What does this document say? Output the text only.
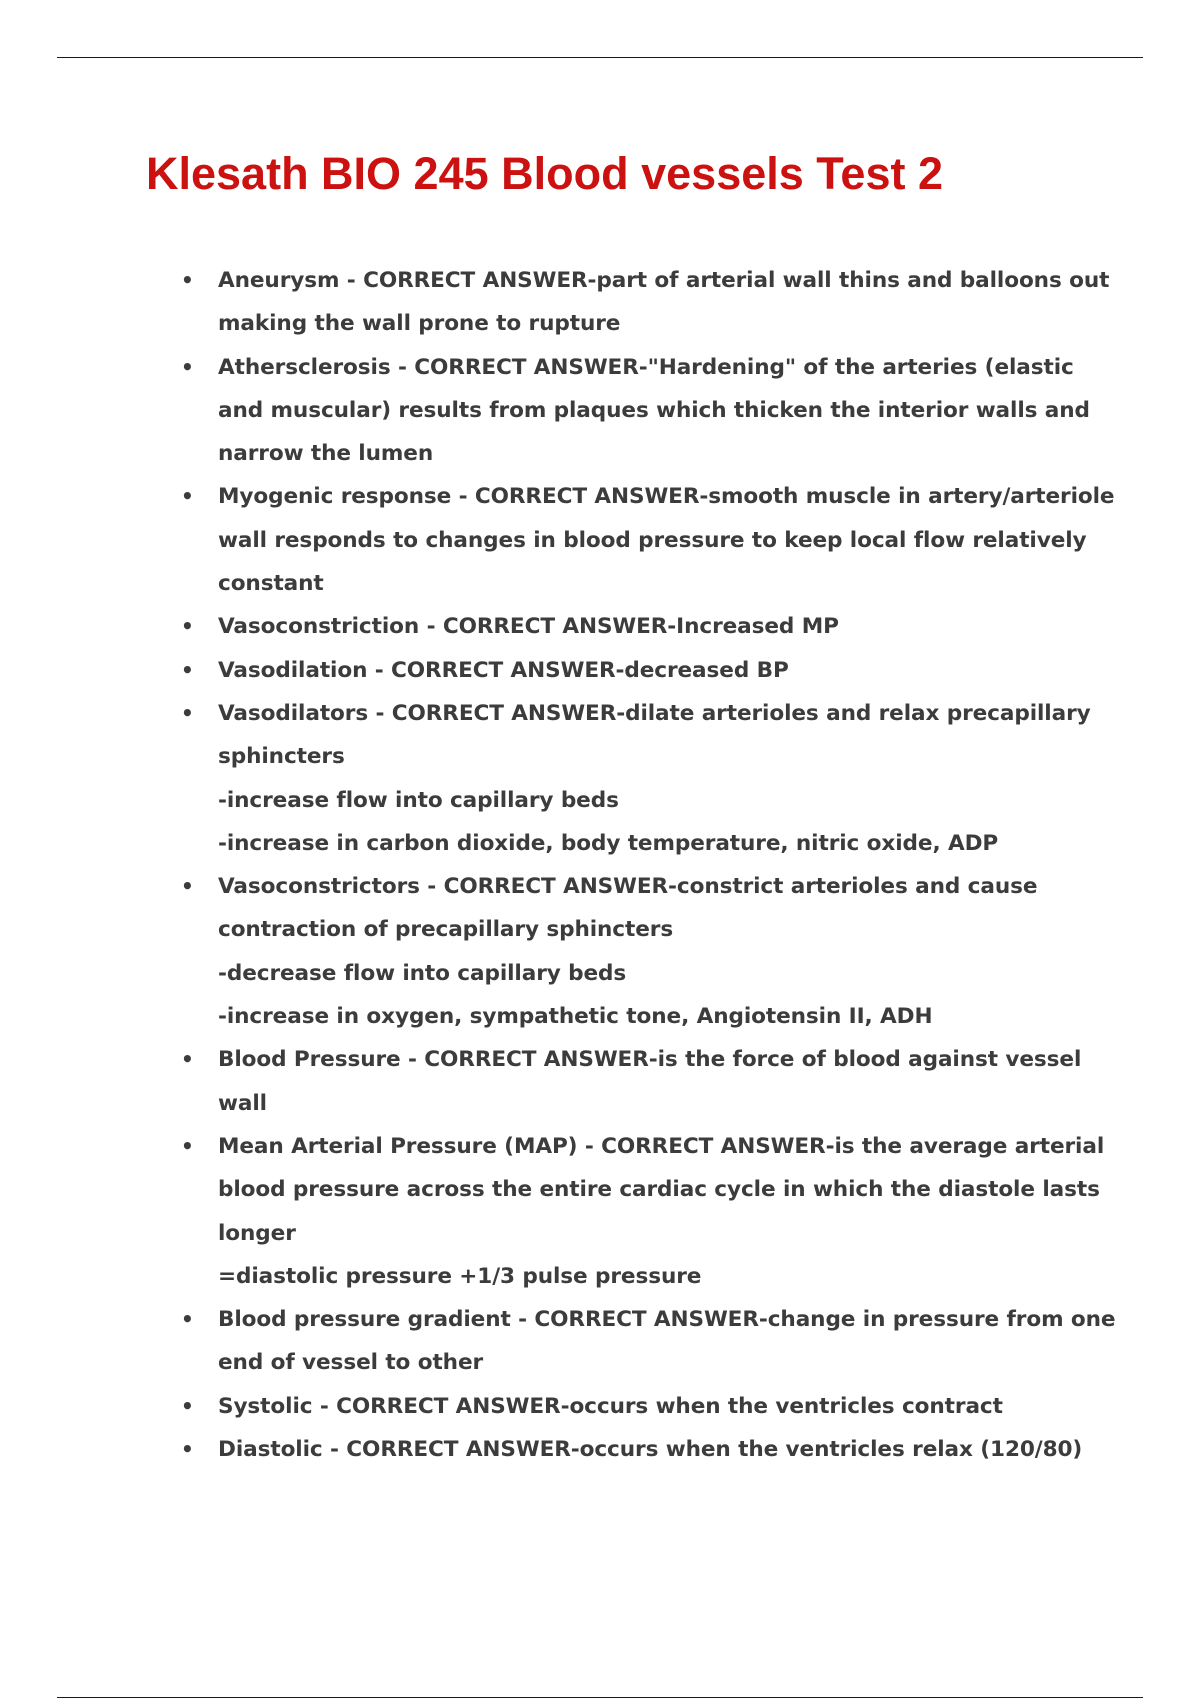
Klesath BIO 245 Blood vessels Test 2
• Aneurysm - CORRECT ANSWER-part of arterial wall thins and balloons out making the wall prone to rupture
• Athersclerosis - CORRECT ANSWER-"Hardening" of the arteries (elastic and muscular) results from plaques which thicken the interior walls and narrow the lumen
• Myogenic response - CORRECT ANSWER-smooth muscle in artery/arteriole wall responds to changes in blood pressure to keep local flow relatively constant
• Vasoconstriction - CORRECT ANSWER-Increased MP
• Vasodilation - CORRECT ANSWER-decreased BP
• Vasodilators - CORRECT ANSWER-dilate arterioles and relax precapillary sphincters
-increase flow into capillary beds
-increase in carbon dioxide, body temperature, nitric oxide, ADP
• Vasoconstrictors - CORRECT ANSWER-constrict arterioles and cause contraction of precapillary sphincters
-decrease flow into capillary beds
-increase in oxygen, sympathetic tone, Angiotensin II, ADH
• Blood Pressure - CORRECT ANSWER-is the force of blood against vessel wall
• Mean Arterial Pressure (MAP) - CORRECT ANSWER-is the average arterial blood pressure across the entire cardiac cycle in which the diastole lasts longer
=diastolic pressure +1/3 pulse pressure
• Blood pressure gradient - CORRECT ANSWER-change in pressure from one end of vessel to other
• Systolic - CORRECT ANSWER-occurs when the ventricles contract
• Diastolic - CORRECT ANSWER-occurs when the ventricles relax (120/80)
